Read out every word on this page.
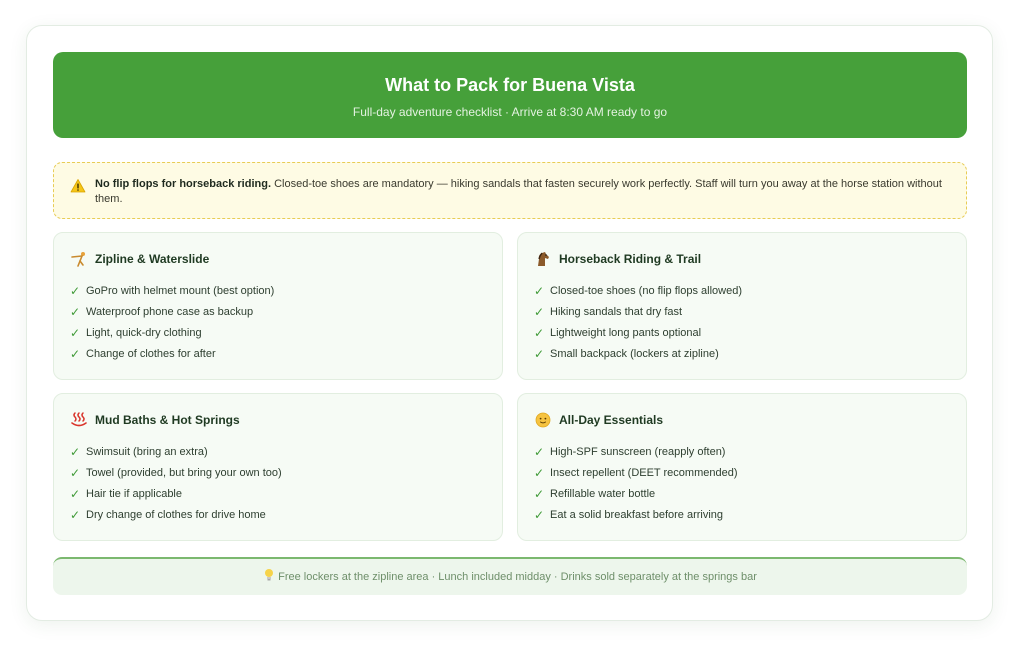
What to Pack for Buena Vista
Full-day adventure checklist · Arrive at 8:30 AM ready to go
No flip flops for horseback riding. Closed-toe shoes are mandatory — hiking sandals that fasten securely work perfectly. Staff will turn you away at the horse station without them.
Zipline & Waterslide
✓ GoPro with helmet mount (best option)
✓ Waterproof phone case as backup
✓ Light, quick-dry clothing
✓ Change of clothes for after
Horseback Riding & Trail
✓ Closed-toe shoes (no flip flops allowed)
✓ Hiking sandals that dry fast
✓ Lightweight long pants optional
✓ Small backpack (lockers at zipline)
Mud Baths & Hot Springs
✓ Swimsuit (bring an extra)
✓ Towel (provided, but bring your own too)
✓ Hair tie if applicable
✓ Dry change of clothes for drive home
All-Day Essentials
✓ High-SPF sunscreen (reapply often)
✓ Insect repellent (DEET recommended)
✓ Refillable water bottle
✓ Eat a solid breakfast before arriving
Free lockers at the zipline area · Lunch included midday · Drinks sold separately at the springs bar
